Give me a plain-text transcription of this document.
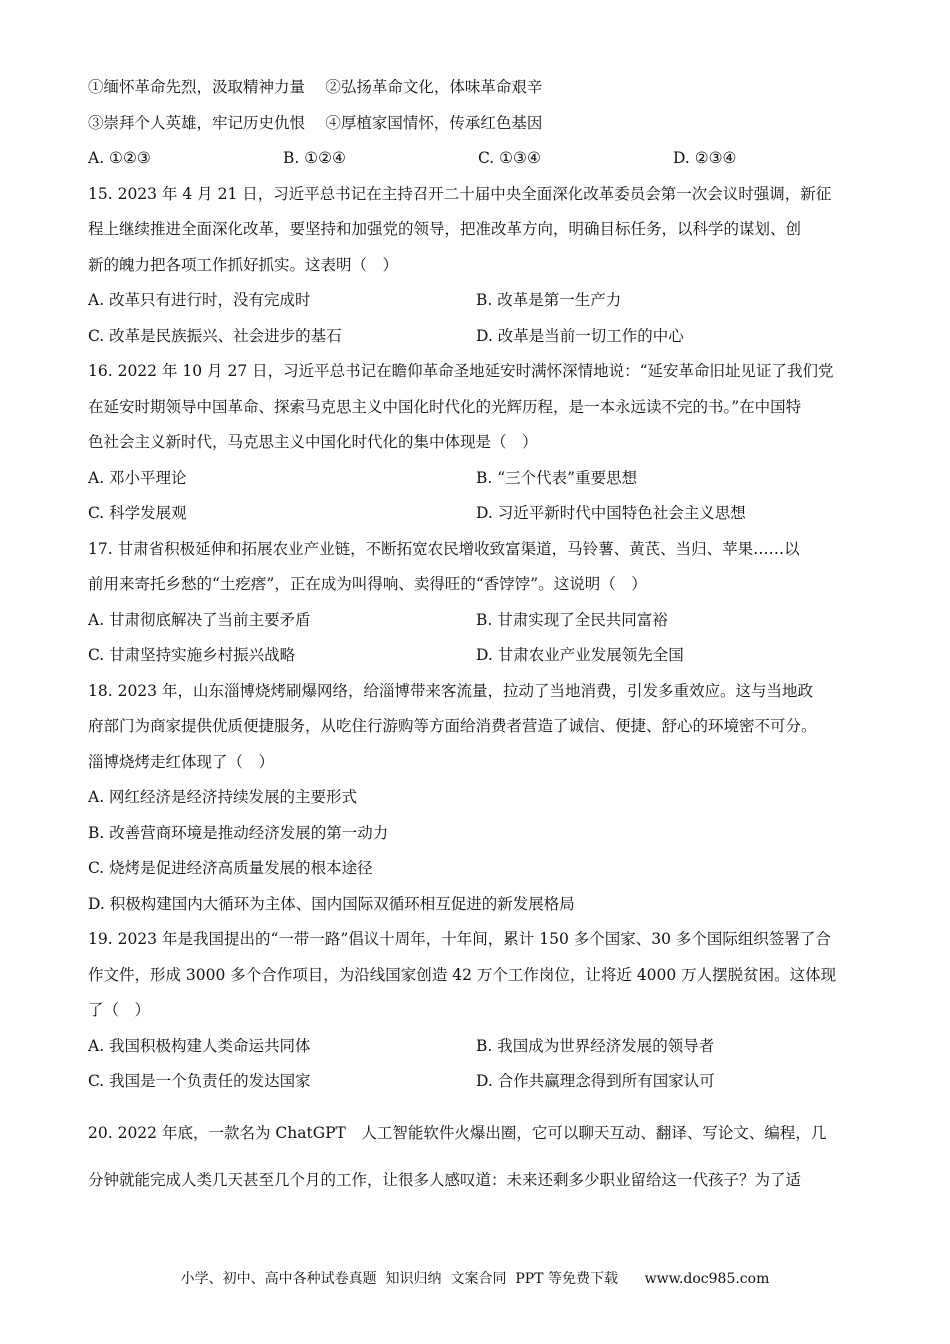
①缅怀革命先烈，汲取精神力量　 ②弘扬革命文化，体味革命艰辛
③崇拜个人英雄，牢记历史仇恨　 ④厚植家国情怀，传承红色基因
A. ①②③	B. ①②④	C. ①③④	D. ②③④
15. 2023 年 4 月 21 日，习近平总书记在主持召开二十届中央全面深化改革委员会第一次会议时强调，新征
程上继续推进全面深化改革，要坚持和加强党的领导，把准改革方向，明确目标任务，以科学的谋划、创
新的魄力把各项工作抓好抓实。这表明（　）
A. 改革只有进行时，没有完成时	B. 改革是第一生产力
C. 改革是民族振兴、社会进步的基石	D. 改革是当前一切工作的中心
16. 2022 年 10 月 27 日，习近平总书记在瞻仰革命圣地延安时满怀深情地说：“延安革命旧址见证了我们党
在延安时期领导中国革命、探索马克思主义中国化时代化的光辉历程，是一本永远读不完的书。”在中国特
色社会主义新时代，马克思主义中国化时代化的集中体现是（　）
A. 邓小平理论	B. “三个代表”重要思想
C. 科学发展观	D. 习近平新时代中国特色社会主义思想
17. 甘肃省积极延伸和拓展农业产业链，不断拓宽农民增收致富渠道，马铃薯、黄芪、当归、苹果……以
前用来寄托乡愁的“土疙瘩”，正在成为叫得响、卖得旺的“香饽饽”。这说明（　）
A. 甘肃彻底解决了当前主要矛盾	B. 甘肃实现了全民共同富裕
C. 甘肃坚持实施乡村振兴战略	D. 甘肃农业产业发展领先全国
18. 2023 年，山东淄博烧烤刷爆网络，给淄博带来客流量，拉动了当地消费，引发多重效应。这与当地政
府部门为商家提供优质便捷服务，从吃住行游购等方面给消费者营造了诚信、便捷、舒心的环境密不可分。
淄博烧烤走红体现了（　）
A. 网红经济是经济持续发展的主要形式
B. 改善营商环境是推动经济发展的第一动力
C. 烧烤是促进经济高质量发展的根本途径
D. 积极构建国内大循环为主体、国内国际双循环相互促进的新发展格局
19. 2023 年是我国提出的“一带一路”倡议十周年，十年间，累计 150 多个国家、30 多个国际组织签署了合
作文件，形成 3000 多个合作项目，为沿线国家创造 42 万个工作岗位，让将近 4000 万人摆脱贫困。这体现
了（　）
A. 我国积极构建人类命运共同体	B. 我国成为世界经济发展的领导者
C. 我国是一个负责任的发达国家	D. 合作共赢理念得到所有国家认可
20. 2022 年底，一款名为 ChatGPT　人工智能软件火爆出圈，它可以聊天互动、翻译、写论文、编程，几
分钟就能完成人类几天甚至几个月的工作，让很多人感叹道：未来还剩多少职业留给这一代孩子？为了适
小学、初中、高中各种试卷真题  知识归纳  文案合同  PPT 等免费下载      www.doc985.com
